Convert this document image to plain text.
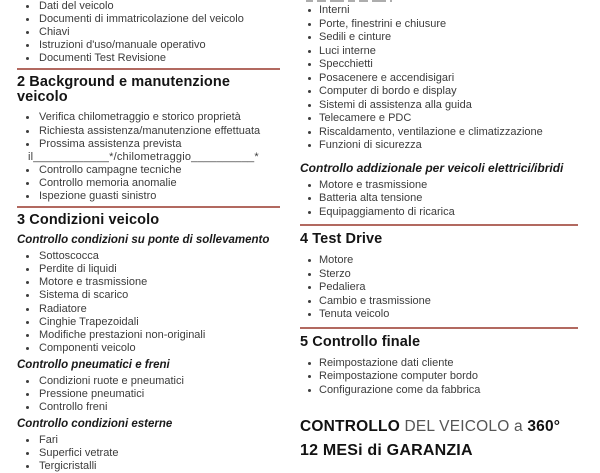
Dati del veicolo
Documenti di immatricolazione del veicolo
Chiavi
Istruzioni d'uso/manuale operativo
Documenti Test Revisione
2 Background e manutenzione veicolo
Verifica chilometraggio e storico proprietà
Richiesta assistenza/manutenzione effettuata
Prossima assistenza prevista
il____________*/chilometraggio__________*
Controllo campagne tecniche
Controllo memoria anomalie
Ispezione guasti sinistro
3 Condizioni veicolo
Controllo condizioni su ponte di sollevamento
Sottoscocca
Perdite di liquidi
Motore e trasmissione
Sistema di scarico
Radiatore
Cinghie Trapezoidali
Modifiche prestazioni non-originali
Componenti veicolo
Controllo pneumatici e freni
Condizioni ruote e pneumatici
Pressione pneumatici
Controllo freni
Controllo condizioni esterne
Fari
Superfici vetrate
Tergicristalli
Interni
Porte, finestrini e chiusure
Sedili e cinture
Luci interne
Specchietti
Posacenere e accendisigari
Computer di bordo e display
Sistemi di assistenza alla guida
Telecamere e PDC
Riscaldamento, ventilazione e climatizzazione
Funzioni di sicurezza
Controllo addizionale per veicoli elettrici/ibridi
Motore e trasmissione
Batteria alta tensione
Equipaggiamento di ricarica
4 Test Drive
Motore
Sterzo
Pedaliera
Cambio e trasmissione
Tenuta veicolo
5 Controllo finale
Reimpostazione dati cliente
Reimpostazione computer bordo
Configurazione come da fabbrica
CONTROLLO DEL VEICOLO a 360°
12 MESi di GARANZIA
